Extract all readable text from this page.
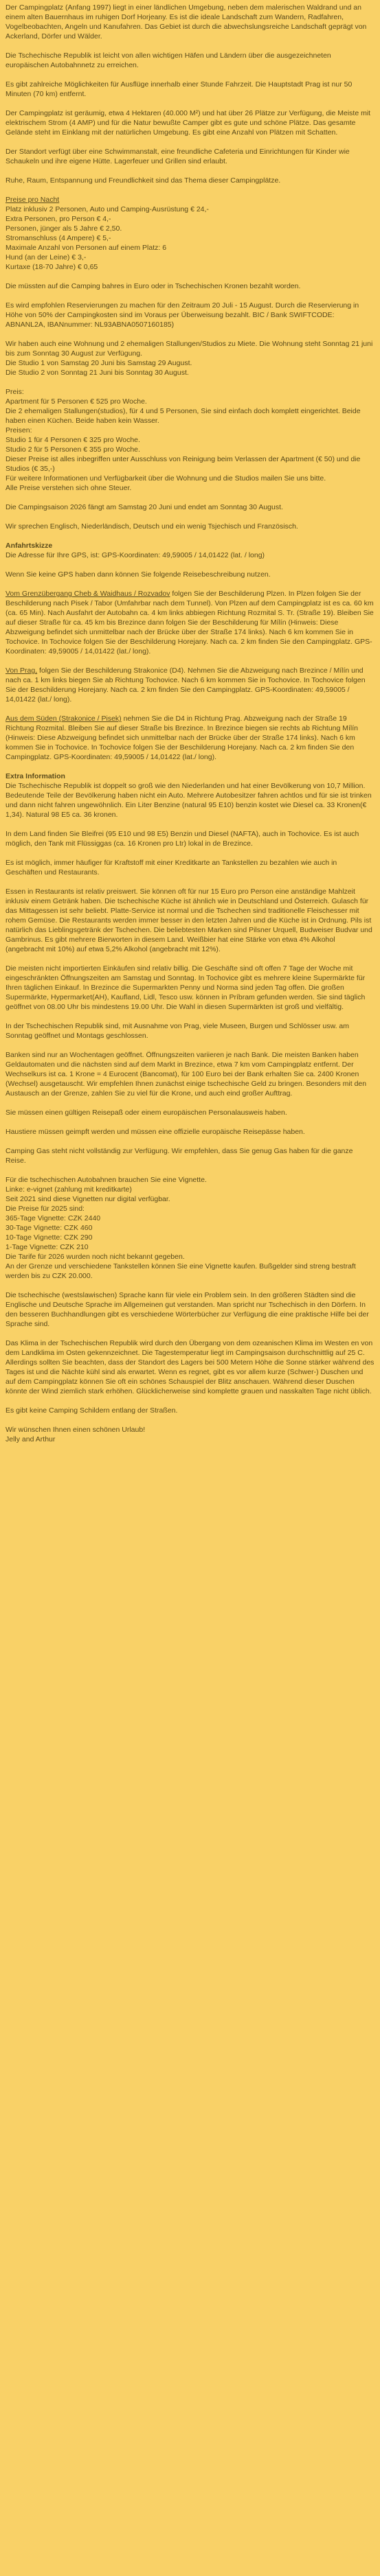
Der Campingplatz (Anfang 1997) liegt in einer ländlichen Umgebung, neben dem malerischen Waldrand und an einem alten Bauernhaus im ruhigen Dorf Horjeany. Es ist die ideale Landschaft zum Wandern, Radfahren, Vogelbeobachten, Angeln und Kanufahren. Das Gebiet ist durch die abwechslungsreiche Landschaft geprägt von Ackerland, Dörfer und Wälder.

Die Tschechische Republik ist leicht von allen wichtigen Häfen und Ländern über die ausgezeichneten europäischen Autobahnnetz zu erreichen.

Es gibt zahlreiche Möglichkeiten für Ausflüge innerhalb einer Stunde Fahrzeit. Die Hauptstadt Prag ist nur 50 Minuten (70 km) entfernt.

Der Campingplatz ist geräumig, etwa 4 Hektaren (40.000 M²) und hat über 26 Plätze zur Verfügung, die Meiste mit elektrischem Strom (4 AMP) und für die Natur bewußte Camper gibt es gute und schöne Plätze. Das gesamte Gelände steht im Einklang mit der natürlichen Umgebung. Es gibt eine Anzahl von Plätzen mit Schatten.

Der Standort verfügt über eine Schwimmanstalt, eine freundliche Cafeteria und Einrichtungen für Kinder wie Schaukeln und ihre eigene Hütte. Lagerfeuer und Grillen sind erlaubt.

Ruhe, Raum, Entspannung und Freundlichkeit sind das Thema dieser Campingplätze.

Preise pro Nacht
Platz inklusiv 2 Personen, Auto und Camping-Ausrüstung € 24,-
Extra Personen, pro Person € 4,-
Personen, jünger als 5 Jahre € 2,50.
Stromanschluss (4 Ampere) € 5,-
Maximale Anzahl von Personen auf einem Platz: 6
Hund (an der Leine) € 3,-
Kurtaxe (18-70 Jahre) € 0,65

Die müssten auf die Camping bahres in Euro oder in Tschechischen Kronen bezahlt worden.

Es wird empfohlen Reservierungen zu machen für den Zeitraum 20 Juli - 15 August. Durch die Reservierung in Höhe von 50% der Campingkosten sind im Voraus per Überweisung bezahlt. BIC / Bank SWIFTCODE: ABNANL2A, IBANnummer: NL93ABNA0507160185)

Wir haben auch eine Wohnung und 2 ehemaligen Stallungen/Studios zu Miete. Die Wohnung steht Sonntag 21 juni bis zum Sonntag 30 August zur Verfügung.
Die Studio 1 von Samstag 20 Juni bis Samstag 29 August.
Die Studio 2 von Sonntag 21 Juni bis Sonntag 30 August.

Preis:
Apartment für 5 Personen € 525 pro Woche.
Die 2 ehemaligen Stallungen(studios), für 4 und 5 Personen, Sie sind einfach doch komplett eingerichtet. Beide haben einen Küchen. Beide haben kein Wasser.
Preisen:
Studio 1 für 4 Personen € 325 pro Woche.
Studio 2 für 5 Personen € 355 pro Woche.
Dieser Preise ist alles inbegriffen unter Ausschluss von Reinigung beim Verlassen der Apartment (€ 50) und die Studios (€ 35,-)
Für weitere Informationen und Verfügbarkeit über die Wohnung und die Studios mailen Sie uns bitte.
Alle Preise verstehen sich ohne Steuer.

Die Campingsaison 2026 fängt am Samstag 20 Juni und endet am Sonntag 30 August.

Wir sprechen Englisch, Niederländisch, Deutsch und ein wenig Tsjechisch und Französisch.

Anfahrtskizze
Die Adresse für Ihre GPS, ist: GPS-Koordinaten: 49,59005 / 14,01422 (lat. / long)

Wenn Sie keine GPS haben dann können Sie folgende Reisebeschreibung nutzen.

Vom Grenzübergang Cheb & Waidhaus / Rozvadov folgen Sie der Beschilderung Plzen. In Plzen folgen Sie der Beschilderung nach Pisek / Tabor (Umfahrbar nach dem Tunnel). Von Plzen auf dem Campingplatz ist es ca. 60 km (ca. 65 Min). Nach Ausfahrt der Autobahn ca. 4 km links abbiegen Richtung Rozmital S. Tr. (Straße 19). Bleiben Sie auf dieser Straße für ca. 45 km bis Brezince dann folgen Sie der Beschilderung für Mílín (Hinweis: Diese Abzweigung befindet sich unmittelbar nach der Brücke über der Straße 174 links). Nach 6 km kommen Sie in Tochovice. In Tochovice folgen Sie der Beschilderung Horejany. Nach ca. 2 km finden Sie den Campingplatz. GPS-Koordinaten: 49,59005 / 14,01422 (lat./ long).

Von Prag, folgen Sie der Beschilderung Strakonice (D4). Nehmen Sie die Abzweigung nach Brezince / Mílín und nach ca. 1 km links biegen Sie ab Richtung Tochovice. Nach 6 km kommen Sie in Tochovice. In Tochovice folgen Sie der Beschilderung Horejany. Nach ca. 2 km finden Sie den Campingplatz. GPS-Koordinaten: 49,59005 / 14,01422 (lat./ long).

Aus dem Süden (Strakonice / Pisek) nehmen Sie die D4 in Richtung Prag. Abzweigung nach der Straße 19 Richtung Rozmital. Bleiben Sie auf dieser Straße bis Brezince. In Brezince biegen sie rechts ab Richtung Mílín (Hinweis: Diese Abzweigung befindet sich unmittelbar nach der Brücke über der Straße 174 links). Nach 6 km kommen Sie in Tochovice. In Tochovice folgen Sie der Beschilderung Horejany. Nach ca. 2 km finden Sie den Campingplatz. GPS-Koordinaten: 49,59005 / 14,01422 (lat./ long).

Extra Information
Die Tschechische Republik ist doppelt so groß wie den Niederlanden und hat einer Bevölkerung von 10,7 Million. Bedeutende Teile der Bevölkerung haben nicht ein Auto. Mehrere Autobesitzer fahren achtlos und für sie ist trinken und dann nicht fahren ungewöhnlich. Ein Liter Benzine (natural 95 E10) benzin kostet wie Diesel ca. 33 Kronen(€ 1,34). Natural 98 E5 ca. 36 kronen.

In dem Land finden Sie Bleifrei (95 E10 und 98 E5) Benzin und Diesel (NAFTA), auch in Tochovice. Es ist auch möglich, den Tank mit Flüssiggas (ca. 16 Kronen pro Ltr) lokal in de Brezince.

Es ist möglich, immer häufiger für Kraftstoff mit einer Kreditkarte an Tankstellen zu bezahlen wie auch in Geschäften und Restaurants.

Essen in Restaurants ist relativ preiswert. Sie können oft für nur 15 Euro pro Person eine anständige Mahlzeit inklusiv einem Getränk haben. Die tschechische Küche ist ähnlich wie in Deutschland und Österreich. Gulasch für das Mittagessen ist sehr beliebt. Platte-Service ist normal und die Tschechen sind traditionelle Fleischesser mit rohem Gemüse. Die Restaurants werden immer besser in den letzten Jahren und die Küche ist in Ordnung. Pils ist natürlich das Lieblingsgetränk der Tschechen. Die beliebtesten Marken sind Pilsner Urquell, Budweiser Budvar und Gambrinus. Es gibt mehrere Bierworten in diesem Land. Weißbier hat eine Stärke von etwa 4% Alkohol (angebracht mit 10%) auf etwa 5,2% Alkohol (angebracht mit 12%).

Die meisten nicht importierten Einkäufen sind relativ billig. Die Geschäfte sind oft offen 7 Tage der Woche mit eingeschränkten Öffnungszeiten am Samstag und Sonntag. In Tochovice gibt es mehrere kleine Supermärkte für Ihren täglichen Einkauf. In Brezince die Supermarkten Penny und Norma sind jeden Tag offen. Die großen Supermärkte, Hypermarket(AH), Kaufland, Lidl, Tesco usw. können in Príbram gefunden werden. Sie sind täglich geöffnet von 08.00 Uhr bis mindestens 19.00 Uhr. Die Wahl in diesen Supermärkten ist groß und vielfältig.

In der Tschechischen Republik sind, mit Ausnahme von Prag, viele Museen, Burgen und Schlösser usw. am Sonntag geöffnet und Montags geschlossen.

Banken sind nur an Wochentagen geöffnet. Öffnungszeiten variieren je nach Bank. Die meisten Banken haben Geldautomaten und die nächsten sind auf dem Markt in Brezince, etwa 7 km vom Campingplatz entfernt. Der Wechselkurs ist ca. 1 Krone = 4 Eurocent (Bancomat), für 100 Euro bei der Bank erhalten Sie ca. 2400 Kronen (Wechsel) ausgetauscht. Wir empfehlen Ihnen zunächst einige tschechische Geld zu bringen. Besonders mit den Austausch an der Grenze, zahlen Sie zu viel für die Krone, und auch eind großer Aufttrag.

Sie müssen einen gültigen Reisepaß oder einem europäischen Personalausweis haben.

Haustiere müssen geimpft werden und müssen eine offizielle europäische Reisepässe haben.

Camping Gas steht nicht vollständig zur Verfügung. Wir empfehlen, dass Sie genug Gas haben für die ganze Reise.

Für die tschechischen Autobahnen brauchen Sie eine Vignette.
Linke: e-vignet (zahlung mit kreditkarte)
Seit 2021 sind diese Vignetten nur digital verfügbar.
Die Preise für 2025 sind:
365-Tage Vignette: CZK 2440
30-Tage Vignette: CZK 460
10-Tage Vignette: CZK 290
1-Tage Vignette: CZK 210
Die Tarife für 2026 wurden noch nicht bekannt gegeben.
An der Grenze und verschiedene Tankstellen können Sie eine Vignette kaufen. Bußgelder sind streng bestraft werden bis zu CZK 20.000.

Die tschechische (westslawischen) Sprache kann für viele ein Problem sein. In den größeren Städten sind die Englische und Deutsche Sprache im Allgemeinen gut verstanden. Man spricht nur Tschechisch in den Dörfern. In den besseren Buchhandlungen gibt es verschiedene Wörterbücher zur Verfügung die eine praktische Hilfe bei der Sprache sind.

Das Klima in der Tschechischen Republik wird durch den Übergang von dem ozeanischen Klima im Westen en von dem Landklima im Osten gekennzeichnet. Die Tagestemperatur liegt im Campingsaison durchschnittlig auf 25 C. Allerdings sollten Sie beachten, dass der Standort des Lagers bei 500 Metern Höhe die Sonne stärker während des Tages ist und die Nächte kühl sind als erwartet. Wenn es regnet, gibt es vor allem kurze (Schwer-) Duschen und auf dem Campingplatz können Sie oft ein schönes Schauspiel der Blitz anschauen. Während dieser Duschen könnte der Wind ziemlich stark erhöhen. Glücklicherweise sind komplette grauen und nasskalten Tage nicht üblich.

Es gibt keine Camping Schildern entlang der Straßen.

Wir wünschen Ihnen einen schönen Urlaub!
Jelly and Arthur
